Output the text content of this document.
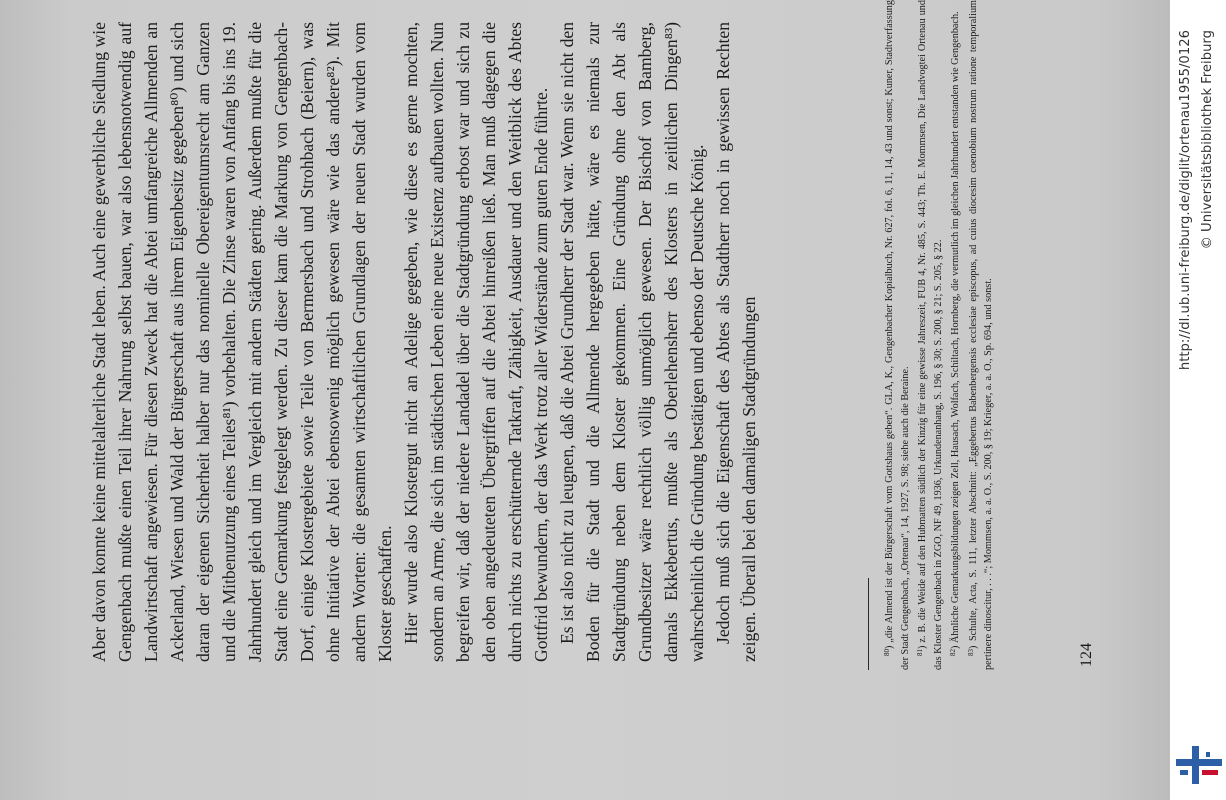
Aber davon konnte keine mittelalterliche Stadt leben. Auch eine gewerbliche Siedlung wie Gengenbach mußte einen Teil ihrer Nahrung selbst bauen, war also lebensnotwendig auf Landwirtschaft angewiesen. Für diesen Zweck hat die Abtei umfangreiche Allmenden an Ackerland, Wiesen und Wald der Bürgerschaft aus ihrem Eigenbesitz gegeben⁸⁰) und sich daran der eigenen Sicherheit halber nur das nominelle Obereigentumsrecht am Ganzen und die Mitbenutzung eines Teiles⁸¹) vorbehalten. Die Zinse waren von Anfang bis ins 19. Jahrhundert gleich und im Vergleich mit andern Städten gering. Außerdem mußte für die Stadt eine Gemarkung festgelegt werden. Zu dieser kam die Markung von Gengenbach-Dorf, einige Klostergebiete sowie Teile von Bermersbach und Strohbach (Beiern), was ohne Initiative der Abtei ebensowenig möglich gewesen wäre wie das andere⁸²). Mit andern Worten: die gesamten wirtschaftlichen Grundlagen der neuen Stadt wurden vom Kloster geschaffen. Hier wurde also Klostergut nicht an Adelige gegeben, wie diese es gerne mochten, sondern an Arme, die sich im städtischen Leben eine neue Existenz aufbauen wollten. Nun begreifen wir, daß der niedere Landadel über die Stadtgründung erbost war und sich zu den oben angedeuteten Übergriffen auf die Abtei hinreißen ließ. Man muß dagegen die durch nichts zu erschütternde Tatkraft, Zähigkeit, Ausdauer und den Weitblick des Abtes Gottfrid bewundern, der das Werk trotz aller Widerstände zum guten Ende führte. Es ist also nicht zu leugnen, daß die Abtei Grundherr der Stadt war. Wenn sie nicht den Boden für die Stadt und die Allmende hergegeben hätte, wäre es niemals zur Stadtgründung neben dem Kloster gekommen. Eine Gründung ohne den Abt als Grundbesitzer wäre rechtlich völlig unmöglich gewesen. Der Bischof von Bamberg, damals Ekkebertus, mußte als Oberlehensherr des Klosters in zeitlichen Dingen⁸³) wahrscheinlich die Gründung bestätigen und ebenso der Deutsche König. Jedoch muß sich die Eigenschaft des Abtes als Stadtherr noch in gewissen Rechten zeigen. Überall bei den damaligen Stadtgründungen	$^{80}$) „die Almend ist der Bürgerschaft vom Gottshaus geben“. GLA, K., Gengenbacher Kopialbuch, Nr. 627, fol. 6, 11, 14, 43 und sonst; Kuner, Stadtverfassung der Stadt Gengenbach, „Ortenau“, 14, 1927, S. 98; siehe auch die Beraine. $^{81}$) z. B. die Weide auf den Hubmatten südlich der Kinzig für eine gewisse Jahreszeit, FUB 4, Nr. 485, S. 443; Th. E. Mommsen, Die Landvogtei Ortenau und das Kloster Gengenbach in ZGO, NF 49, 1936, Urkundenanhang, S. 196, § 30; S. 200, § 21; S. 205, § 22. $^{82}$) Ähnliche Gemarkungsbildungen zeigen Zell, Hausach, Wolfach, Schiltach, Hornberg, die vermutlich im gleichen Jahrhundert entstanden wie Gengenbach.

$^{83}$) Schulte, Acta, S. 111, letzter Abschnitt: „Eggebertus Babenbergensis ecclesiae episcopus, ad cuius diocesim coenobium nostrum ratione temporalium pertinere dinoscitur, . . .“; Mommsen, a. a. O., S. 200, § 19; Krieger, a. a. O., Sp. 694, und sonst.	124
http://dl.ub.uni-freiburg.de/diglit/ortenau1955/0126 © Universitätsbibliothek Freiburg
